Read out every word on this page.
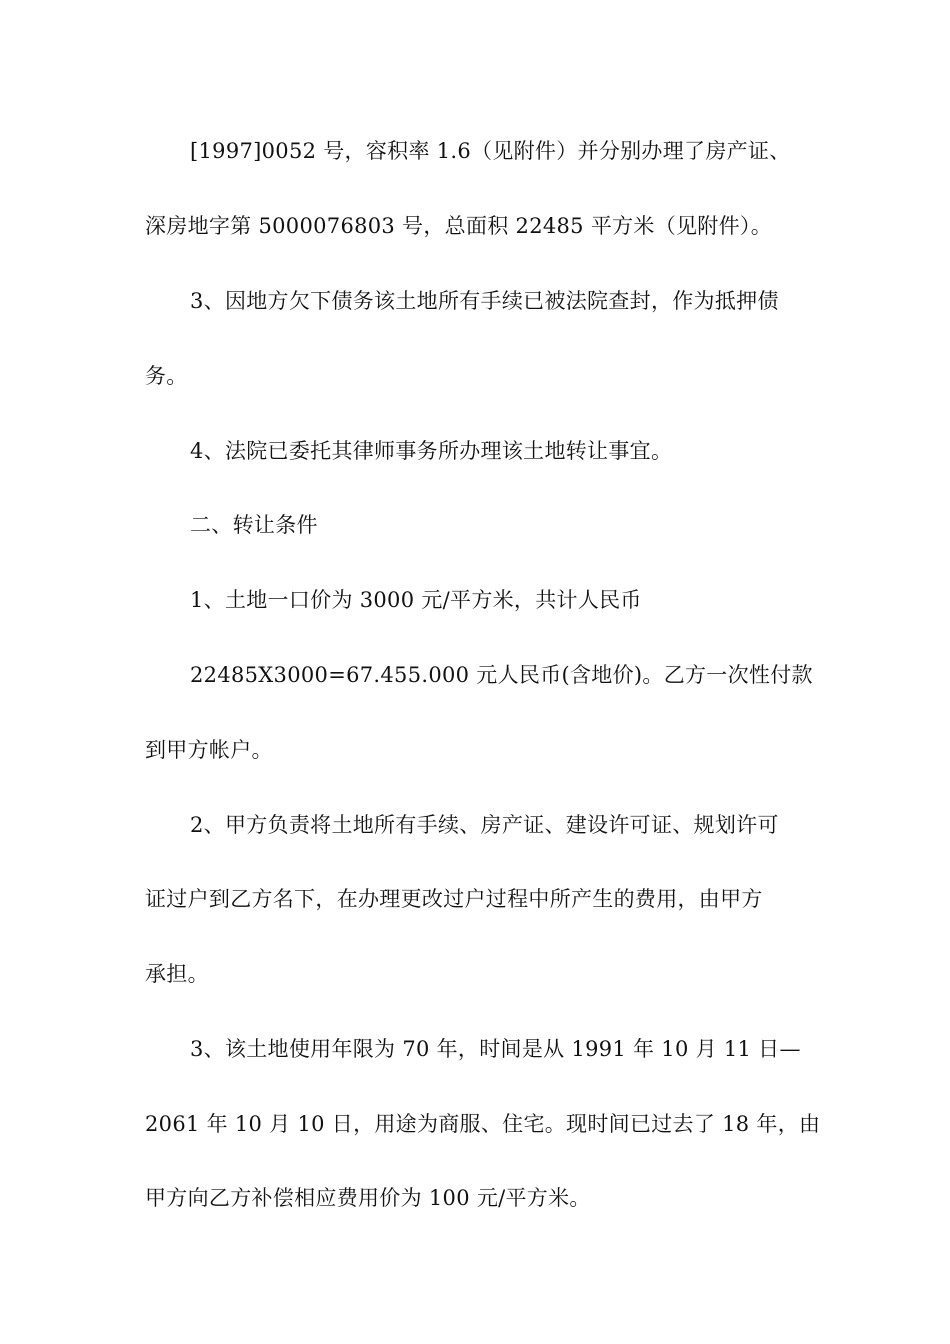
[1997]0052 号，容积率 1.6（见附件）并分别办理了房产证、
深房地字第 5000076803 号，总面积 22485 平方米（见附件）。
3、因地方欠下债务该土地所有手续已被法院查封，作为抵押债
务。
4、法院已委托其律师事务所办理该土地转让事宜。
二、转让条件
1、土地一口价为 3000 元/平方米，共计人民币
22485X3000=67.455.000 元人民币(含地价)。乙方一次性付款
到甲方帐户。
2、甲方负责将土地所有手续、房产证、建设许可证、规划许可
证过户到乙方名下，在办理更改过户过程中所产生的费用，由甲方
承担。
3、该土地使用年限为 70 年，时间是从 1991 年 10 月 11 日—
2061 年 10 月 10 日，用途为商服、住宅。现时间已过去了 18 年，由
甲方向乙方补偿相应费用价为 100 元/平方米。
